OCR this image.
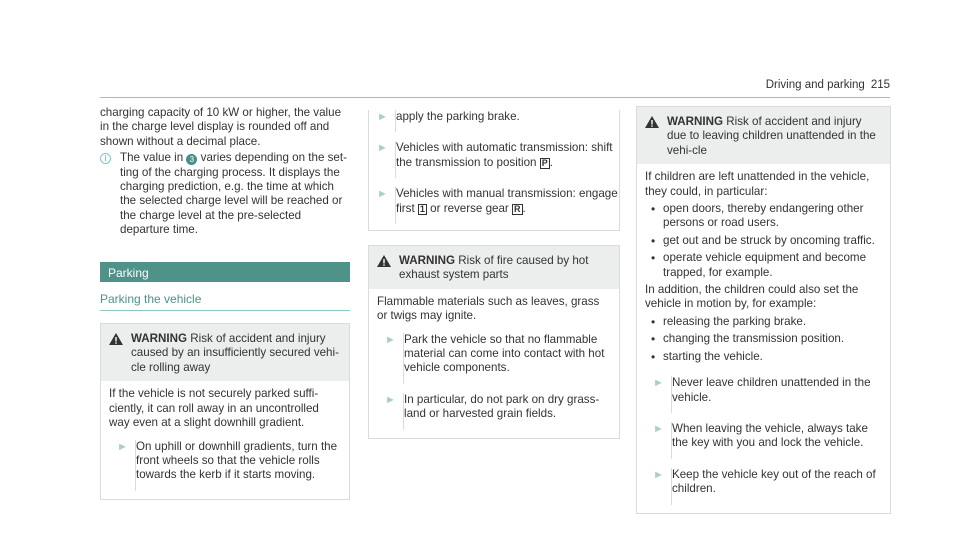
Driving and parking 215

charging capacity of 10 kW or higher, the value in the charge level display is rounded off and shown without a decimal place.

i	The value in 3 varies depending on the set-ting of the charging process. It displays the charging prediction, e.g. the time at which the selected charge level will be reached or the charge level at the pre-selected departure time.

Parking
Parking the vehicle
WARNING Risk of accident and injury caused by an insufficiently secured vehi-cle rolling away

If the vehicle is not securely parked suffi-ciently, it can roll away in an uncontrolled way even at a slight downhill gradient.

► On uphill or downhill gradients, turn the front wheels so that the vehicle rolls towards the kerb if it starts moving.
► apply the parking brake.
► Vehicles with automatic transmission: shift the transmission to position P .
► Vehicles with manual transmission: engage first 1 or reverse gear R .
WARNING Risk of fire caused by hot exhaust system parts

Flammable materials such as leaves, grass or twigs may ignite.

► Park the vehicle so that no flammable material can come into contact with hot vehicle components.
► In particular, do not park on dry grass-land or harvested grain fields.
WARNING Risk of accident and injury due to leaving children unattended in the vehi-cle

If children are left unattended in the vehicle, they could, in particular:

• open doors, thereby endangering other persons or road users.
• get out and be struck by oncoming traffic.
• operate vehicle equipment and become trapped, for example.

In addition, the children could also set the vehicle in motion by, for example:

• releasing the parking brake.
• changing the transmission position.
• starting the vehicle.
► Never leave children unattended in the vehicle.
► When leaving the vehicle, always take the key with you and lock the vehicle.
► Keep the vehicle key out of the reach of children.
